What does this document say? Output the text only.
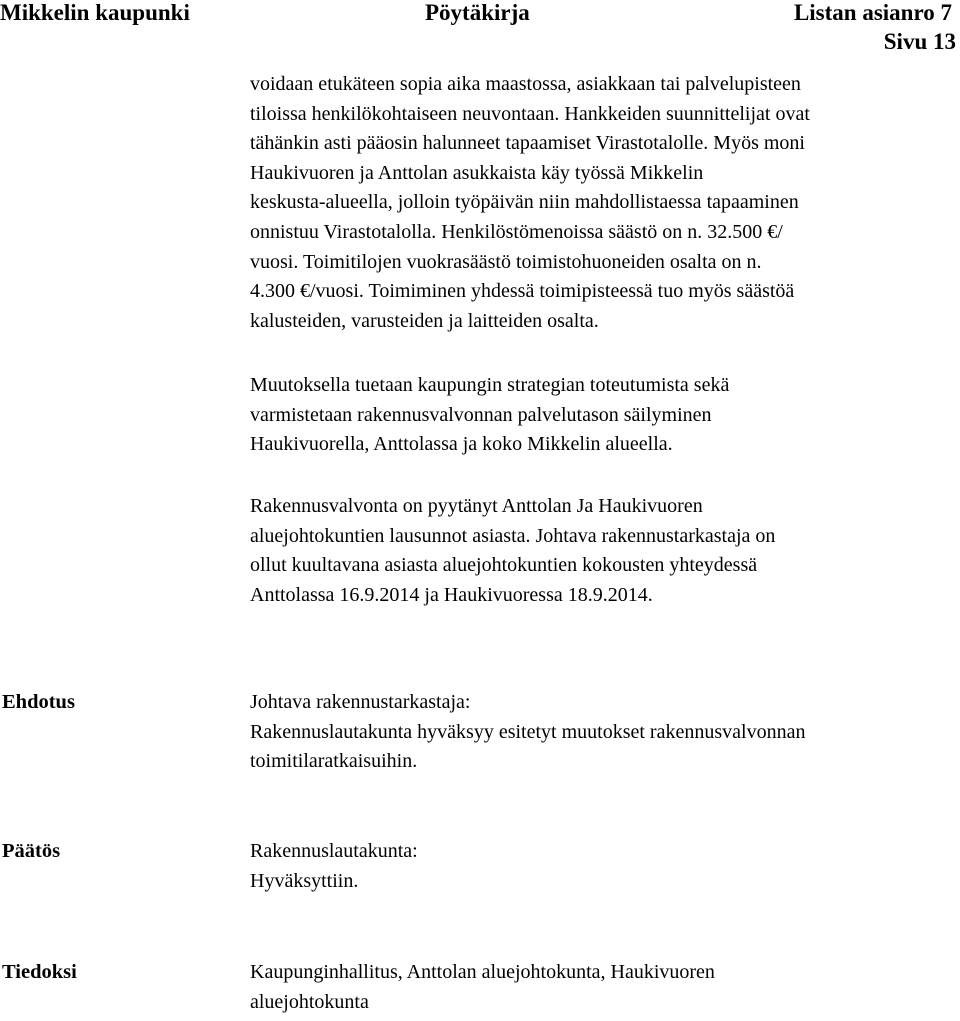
Mikkelin kaupunki	Pöytäkirja	Listan asianro 7
Sivu 13
voidaan etukäteen sopia aika maastossa, asiakkaan tai palvelupisteen
tiloissa henkilökohtaiseen neuvontaan. Hankkeiden suunnittelijat ovat
tähänkin asti pääosin halunneet tapaamiset Virastotalolle. Myös moni
Haukivuoren ja Anttolan asukkaista käy työssä Mikkelin
keskusta-alueella, jolloin työpäivän niin mahdollistaessa tapaaminen
onnistuu Virastotalolla. Henkilöstömenoissa säästö on n. 32.500 €/
vuosi. Toimitilojen vuokrasäästö toimistohuoneiden osalta on n.
4.300 €/vuosi. Toimiminen yhdessä toimipisteessä tuo myös säästöä
kalusteiden, varusteiden ja laitteiden osalta.
Muutoksella tuetaan kaupungin strategian toteutumista sekä
varmistetaan rakennusvalvonnan palvelutason säilyminen
Haukivuorella, Anttolassa ja koko Mikkelin alueella.
Rakennusvalvonta on pyytänyt Anttolan Ja Haukivuoren
aluejohtokuntien lausunnot asiasta. Johtava rakennustarkastaja on
ollut kuultavana asiasta aluejohtokuntien kokousten yhteydessä
Anttolassa 16.9.2014 ja Haukivuoressa 18.9.2014.
Ehdotus	Johtava rakennustarkastaja:
Rakennuslautakunta hyväksyy esitetyt muutokset rakennusvalvonnan
toimitilaratkaisuihin.
Päätös	Rakennuslautakunta:
Hyväksyttiin.
Tiedoksi	Kaupunginhallitus, Anttolan aluejohtokunta, Haukivuoren
aluejohtokunta
